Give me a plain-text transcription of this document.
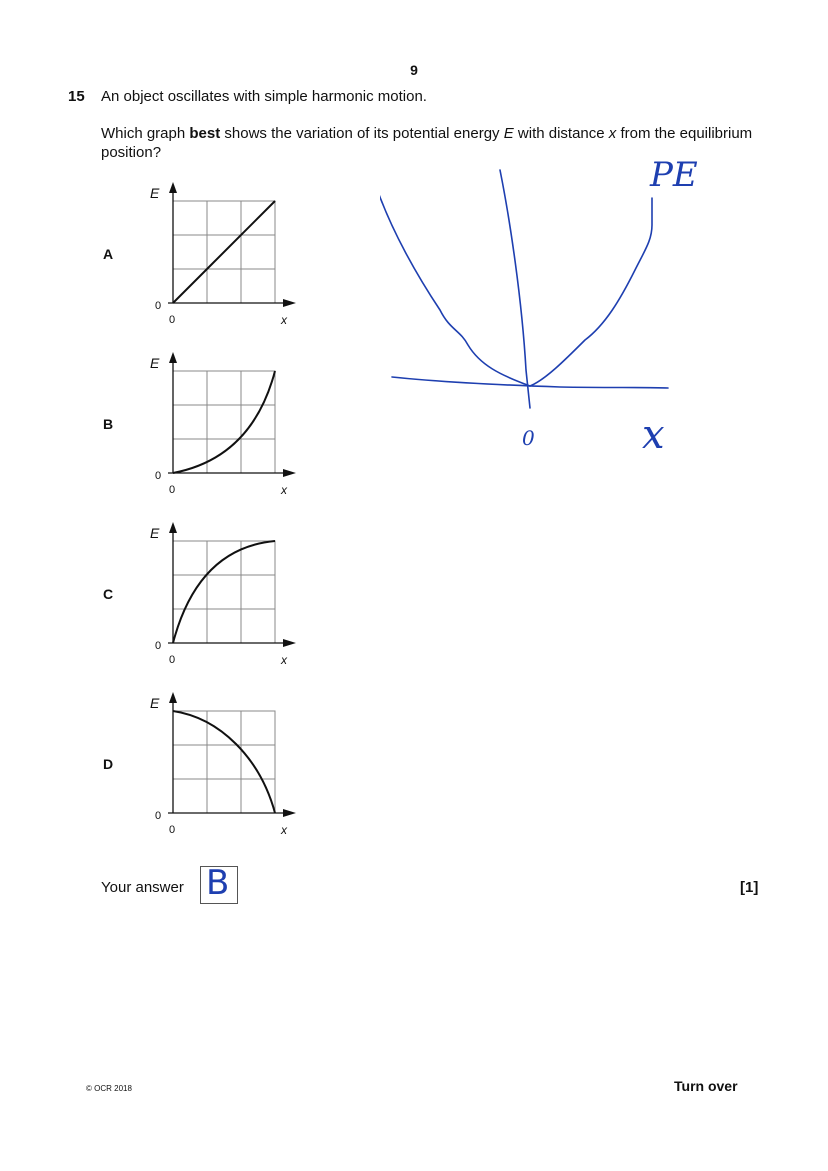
9
15 An object oscillates with simple harmonic motion.
Which graph best shows the variation of its potential energy E with distance x from the equilibrium position?
A
E
0
0	x
B
E
0
0	x
C
E
0
0	x
D
E
0
0	x
PE
0	x
Your answer B	[1]
© OCR 2018	Turn over
